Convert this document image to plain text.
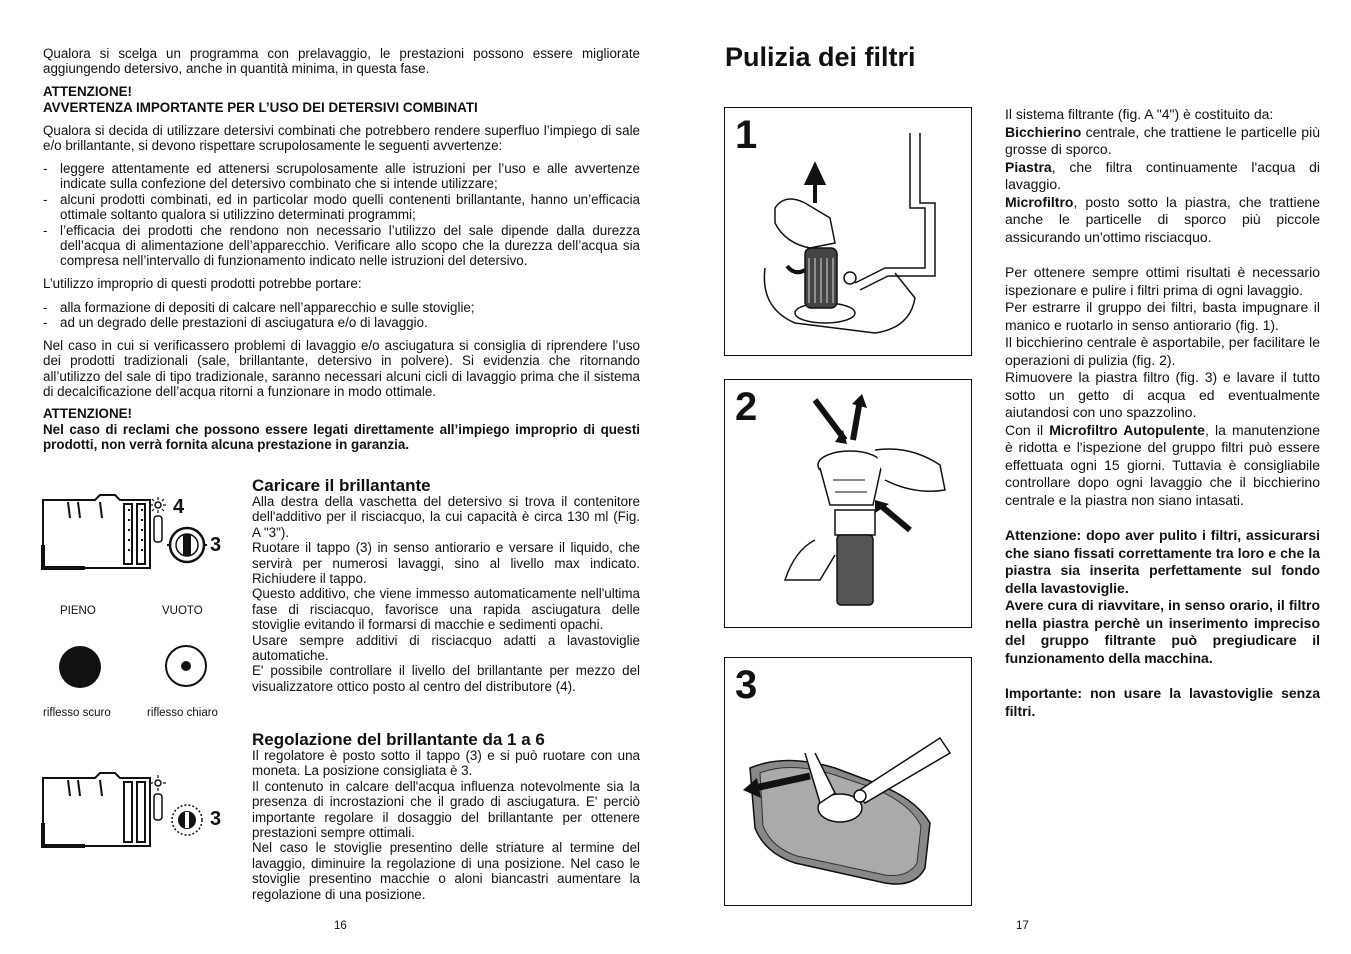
Qualora si scelga un programma con prelavaggio, le prestazioni possono essere migliorate aggiungendo detersivo, anche in quantità minima, in questa fase.
ATTENZIONE!
AVVERTENZA IMPORTANTE PER L’USO DEI DETERSIVI COMBINATI
Qualora si decida di utilizzare detersivi combinati che potrebbero rendere superfluo l’impiego di sale e/o brillantante, si devono rispettare scrupolosamente le seguenti avvertenze:
- leggere attentamente ed attenersi scrupolosamente alle istruzioni per l’uso e alle avvertenze indicate sulla confezione del detersivo combinato che si intende utilizzare;
- alcuni prodotti combinati, ed in particolar modo quelli contenenti brillantante, hanno un’efficacia ottimale soltanto qualora si utilizzino determinati programmi;
- l’efficacia dei prodotti che rendono non necessario l’utilizzo del sale dipende dalla durezza dell’acqua di alimentazione dell’apparecchio. Verificare allo scopo che la durezza dell’acqua sia compresa nell’intervallo di funzionamento indicato nelle istruzioni del detersivo.
L’utilizzo improprio di questi prodotti potrebbe portare:
- alla formazione di depositi di calcare nell’apparecchio e sulle stoviglie;
- ad un degrado delle prestazioni di asciugatura e/o di lavaggio.
Nel caso in cui si verificassero problemi di lavaggio e/o asciugatura si consiglia di riprendere l’uso dei prodotti tradizionali (sale, brillantante, detersivo in polvere). Si evidenzia che ritornando all’utilizzo del sale di tipo tradizionale, saranno necessari alcuni cicli di lavaggio prima che il sistema di decalcificazione dell’acqua ritorni a funzionare in modo ottimale.
ATTENZIONE!
Nel caso di reclami che possono essere legati direttamente all’impiego improprio di questi prodotti, non verrà fornita alcuna prestazione in garanzia.
4
3
PIENO	VUOTO
riflesso scuro	riflesso chiaro
3
Caricare il brillantante
Alla destra della vaschetta del detersivo si trova il contenitore dell'additivo per il risciacquo, la cui capacità è circa 130 ml (Fig. A "3").
Ruotare il tappo (3) in senso antiorario e versare il liquido, che servirà per numerosi lavaggi, sino al livello max indicato. Richiudere il tappo.
Questo additivo, che viene immesso automaticamente nell'ultima fase di risciacquo, favorisce una rapida asciugatura delle stoviglie evitando il formarsi di macchie e sedimenti opachi.
Usare sempre additivi di risciacquo adatti a lavastoviglie automatiche.
E' possibile controllare il livello del brillantante per mezzo del visualizzatore ottico posto al centro del distributore (4).
Regolazione del brillantante da 1 a 6
Il regolatore è posto sotto il tappo (3) e si può ruotare con una moneta. La posizione consigliata è 3.
Il contenuto in calcare dell'acqua influenza notevolmente sia la presenza di incrostazioni che il grado di asciugatura. E' perciò importante regolare il dosaggio del brillantante per ottenere prestazioni sempre ottimali.
Nel caso le stoviglie presentino delle striature al termine del lavaggio, diminuire la regolazione di una posizione. Nel caso le stoviglie presentino macchie o aloni biancastri aumentare la regolazione di una posizione.
16
Pulizia dei filtri
1
2
3

Il sistema filtrante (fig. A "4") è costituito da:

Bicchierino centrale, che trattiene le particelle più grosse di sporco.

Piastra, che filtra continuamente l'acqua di lavaggio.

Microfiltro, posto sotto la piastra, che trattiene anche le particelle di sporco più piccole assicurando un'ottimo risciacquo.

Per ottenere sempre ottimi risultati è necessario ispezionare e pulire i filtri prima di ogni lavaggio.

Per estrarre il gruppo dei filtri, basta impugnare il manico e ruotarlo in senso antiorario (fig. 1).

Il bicchierino centrale è asportabile, per facilitare le operazioni di pulizia (fig. 2).

Rimuovere la piastra filtro (fig. 3) e lavare il tutto sotto un getto di acqua ed eventualmente aiutandosi con uno spazzolino.

Con il Microfiltro Autopulente, la manutenzione è ridotta e l'ispezione del gruppo filtri può essere effettuata ogni 15 giorni. Tuttavia è consigliabile controllare dopo ogni lavaggio che il bicchierino centrale e la piastra non siano intasati.

Attenzione: dopo aver pulito i filtri, assicurarsi che siano fissati correttamente tra loro e che la piastra sia inserita perfettamente sul fondo della lavastoviglie.

Avere cura di riavvitare, in senso orario, il filtro nella piastra perchè un inserimento impreciso del gruppo filtrante può pregiudicare il funzionamento della macchina.

Importante: non usare la lavastoviglie senza filtri.

17
